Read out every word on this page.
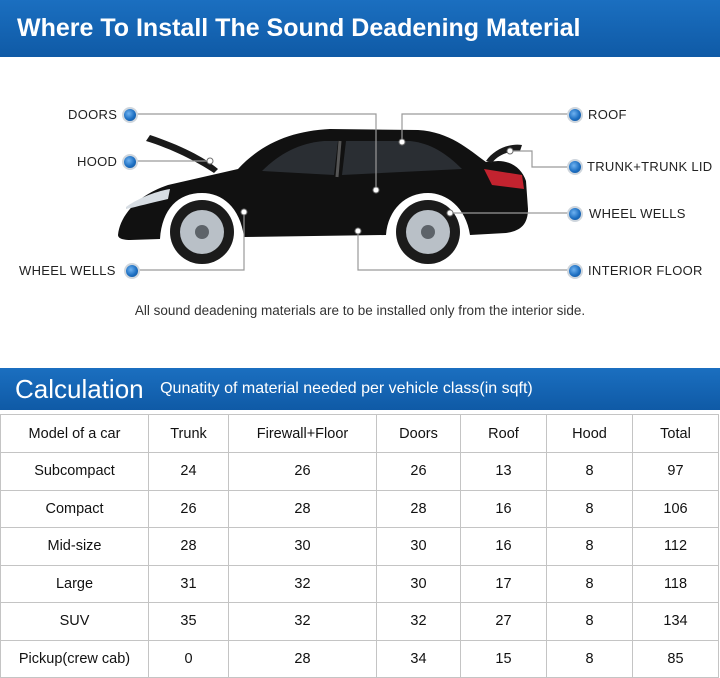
Where To Install The Sound Deadening Material
DOORS
HOOD
WHEEL WELLS
ROOF
TRUNK+TRUNK LID
WHEEL WELLS
INTERIOR FLOOR
All sound deadening materials are to be installed only from the interior side.
Calculation Qunatity of material needed per vehicle class(in sqft)
Model of a car	Trunk	Firewall+Floor	Doors	Roof	Hood	Total
Subcompact	24	26	26	13	8	97
Compact	26	28	28	16	8	106
Mid-size	28	30	30	16	8	112
Large	31	32	30	17	8	118
SUV	35	32	32	27	8	134
Pickup(crew cab)	0	28	34	15	8	85
